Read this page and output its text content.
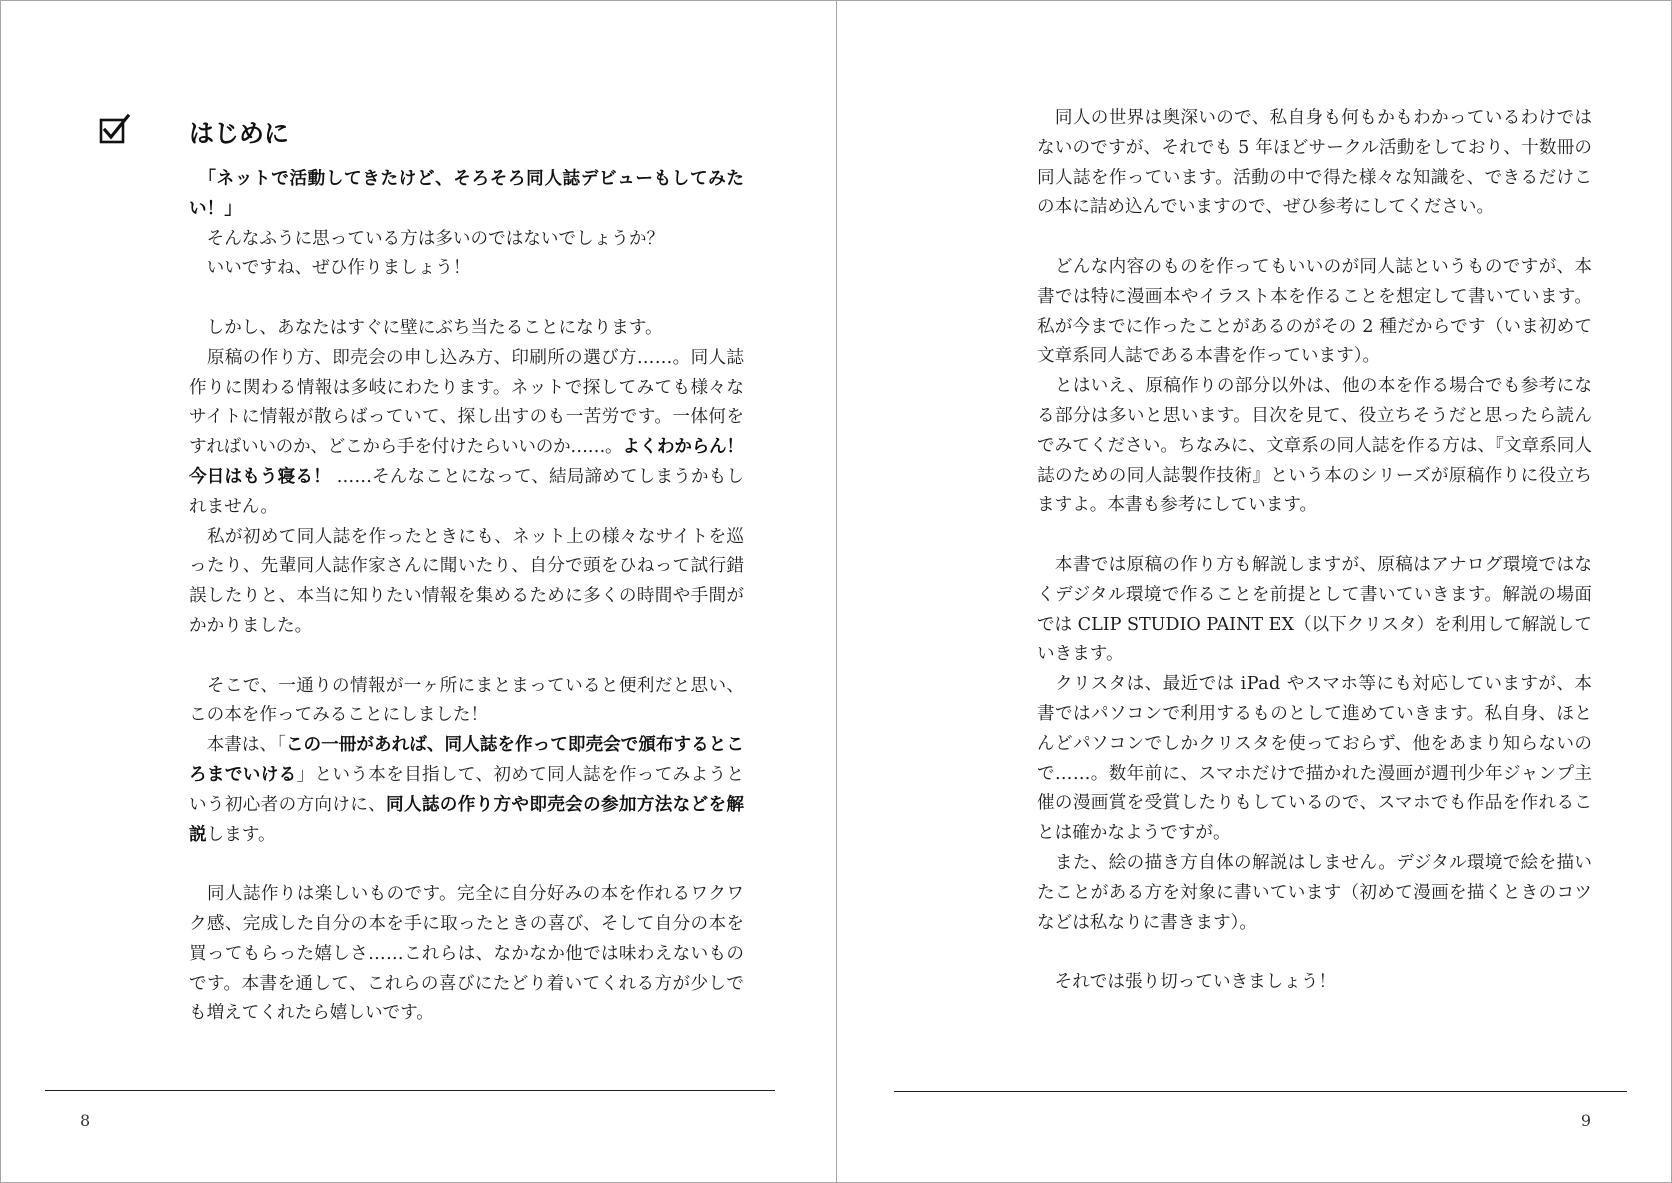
はじめに
　「ネットで活動してきたけど、そろそろ同人誌デビューもしてみた
い！」
　そんなふうに思っている方は多いのではないでしょうか？
　いいですね、ぜひ作りましょう！
　しかし、あなたはすぐに壁にぶち当たることになります。
　原稿の作り方、即売会の申し込み方、印刷所の選び方……。同人誌
作りに関わる情報は多岐にわたります。ネットで探してみても様々な
サイトに情報が散らばっていて、探し出すのも一苦労です。一体何を
すればいいのか、どこから手を付けたらいいのか……。よくわからん！
今日はもう寝る！ ……そんなことになって、結局諦めてしまうかもし
れません。
　私が初めて同人誌を作ったときにも、ネット上の様々なサイトを巡
ったり、先輩同人誌作家さんに聞いたり、自分で頭をひねって試行錯
誤したりと、本当に知りたい情報を集めるために多くの時間や手間が
かかりました。
　そこで、一通りの情報が一ヶ所にまとまっていると便利だと思い、
この本を作ってみることにしました！
　本書は、「この一冊があれば、同人誌を作って即売会で頒布するとこ
ろまでいける」という本を目指して、初めて同人誌を作ってみようと
いう初心者の方向けに、同人誌の作り方や即売会の参加方法などを解
説します。
　同人誌作りは楽しいものです。完全に自分好みの本を作れるワクワ
ク感、完成した自分の本を手に取ったときの喜び、そして自分の本を
買ってもらった嬉しさ……これらは、なかなか他では味わえないもの
です。本書を通して、これらの喜びにたどり着いてくれる方が少しで
も増えてくれたら嬉しいです。
8
　同人の世界は奥深いので、私自身も何もかもわかっているわけでは
ないのですが、それでも 5 年ほどサークル活動をしており、十数冊の
同人誌を作っています。活動の中で得た様々な知識を、できるだけこ
の本に詰め込んでいますので、ぜひ参考にしてください。
　どんな内容のものを作ってもいいのが同人誌というものですが、本
書では特に漫画本やイラスト本を作ることを想定して書いています。
私が今までに作ったことがあるのがその 2 種だからです（いま初めて
文章系同人誌である本書を作っています）。
　とはいえ、原稿作りの部分以外は、他の本を作る場合でも参考にな
る部分は多いと思います。目次を見て、役立ちそうだと思ったら読ん
でみてください。ちなみに、文章系の同人誌を作る方は、『文章系同人
誌のための同人誌製作技術』という本のシリーズが原稿作りに役立ち
ますよ。本書も参考にしています。
　本書では原稿の作り方も解説しますが、原稿はアナログ環境ではな
くデジタル環境で作ることを前提として書いていきます。解説の場面
では CLIP STUDIO PAINT EX（以下クリスタ）を利用して解説して
いきます。
　クリスタは、最近では iPad やスマホ等にも対応していますが、本
書ではパソコンで利用するものとして進めていきます。私自身、ほと
んどパソコンでしかクリスタを使っておらず、他をあまり知らないの
で……。数年前に、スマホだけで描かれた漫画が週刊少年ジャンプ主
催の漫画賞を受賞したりもしているので、スマホでも作品を作れるこ
とは確かなようですが。
　また、絵の描き方自体の解説はしません。デジタル環境で絵を描い
たことがある方を対象に書いています（初めて漫画を描くときのコツ
などは私なりに書きます）。
　それでは張り切っていきましょう！
9
